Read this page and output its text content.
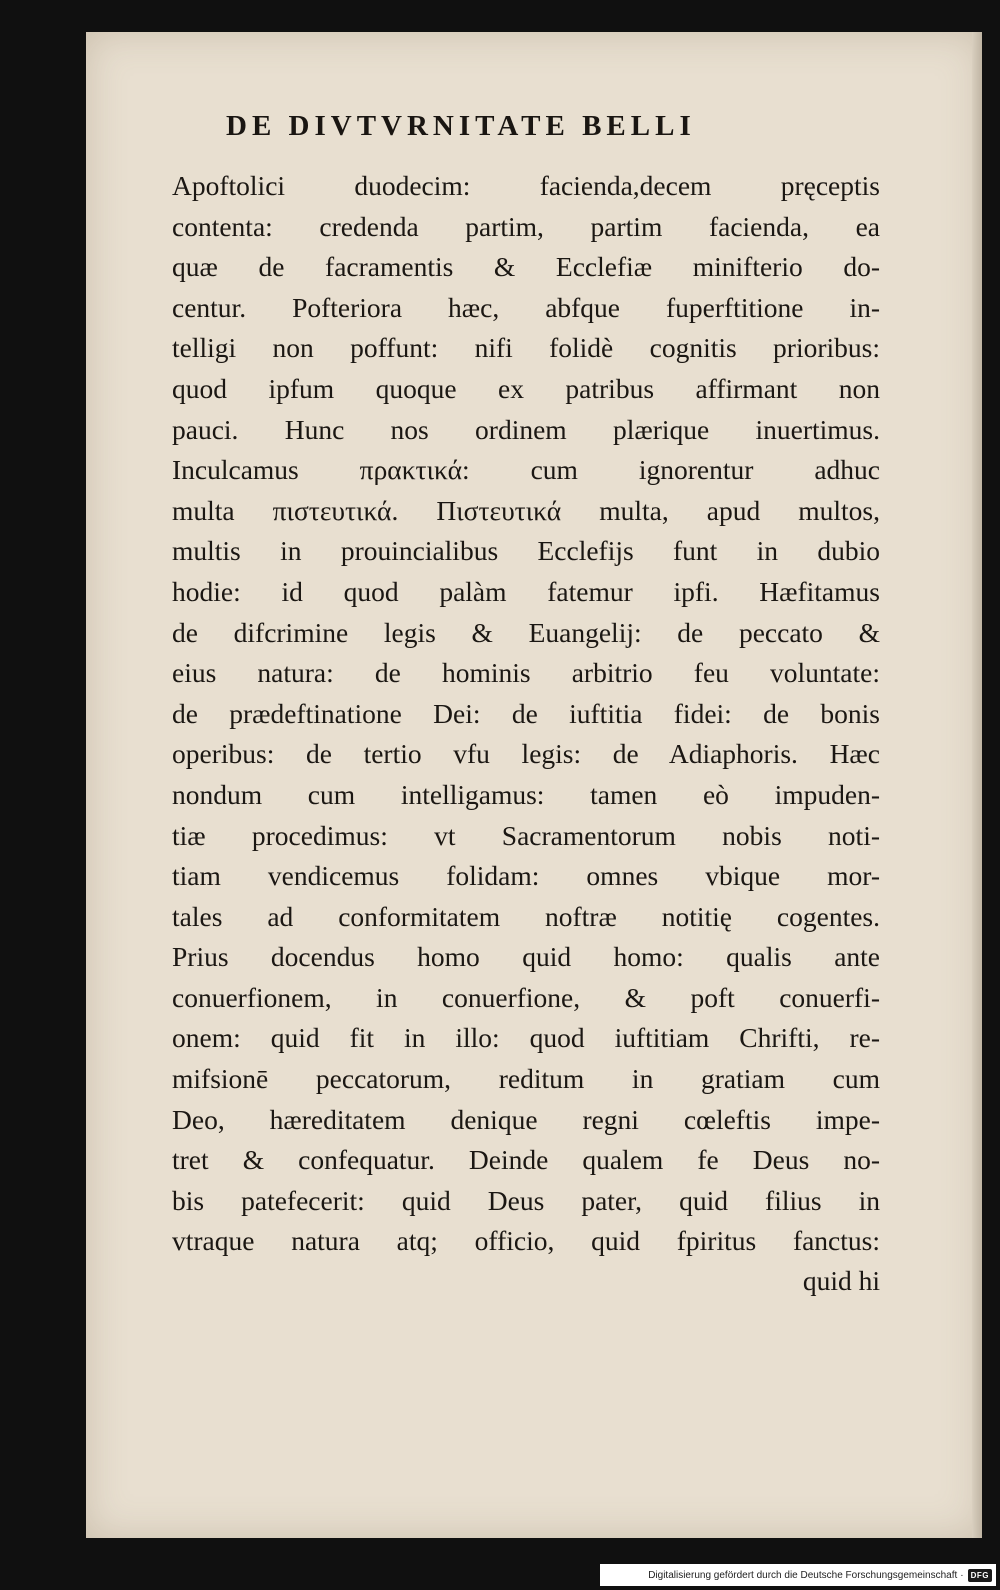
DE DIVTVRNITATE BELLI
Apoftolici duodecim: facienda,decem pręceptis
contenta: credenda partim, partim facienda, ea
quæ de facramentis & Ecclefiæ minifterio do-
centur. Pofteriora hæc, abfque fuperftitione in-
telligi non poffunt: nifi folidè cognitis prioribus:
quod ipfum quoque ex patribus affirmant non
pauci. Hunc nos ordinem plærique inuertimus.
Inculcamus πρακτικά: cum ignorentur adhuc
multa πιστευτικά. Πιστευτικά multa, apud multos,
multis in prouincialibus Ecclefijs funt in dubio
hodie: id quod palàm fatemur ipfi. Hæfitamus
de difcrimine legis & Euangelij: de peccato &
eius natura: de hominis arbitrio feu voluntate:
de prædeftinatione Dei: de iuftitia fidei: de bonis
operibus: de tertio vfu legis: de Adiaphoris. Hæc
nondum cum intelligamus: tamen eò impuden-
tiæ procedimus: vt Sacramentorum nobis noti-
tiam vendicemus folidam: omnes vbique mor-
tales ad conformitatem noftræ notitię cogentes.
Prius docendus homo quid homo: qualis ante
conuerfionem, in conuerfione, & poft conuerfi-
onem: quid fit in illo: quod iuftitiam Chrifti, re-
mifsionē peccatorum, reditum in gratiam cum
Deo, hæreditatem denique regni cœleftis impe-
tret & confequatur. Deinde qualem fe Deus no-
bis patefecerit: quid Deus pater, quid filius in
vtraque natura atq; officio, quid fpiritus fanctus:
quid hi
Digitalisierung gefördert durch die Deutsche Forschungsgemeinschaft · DFG
